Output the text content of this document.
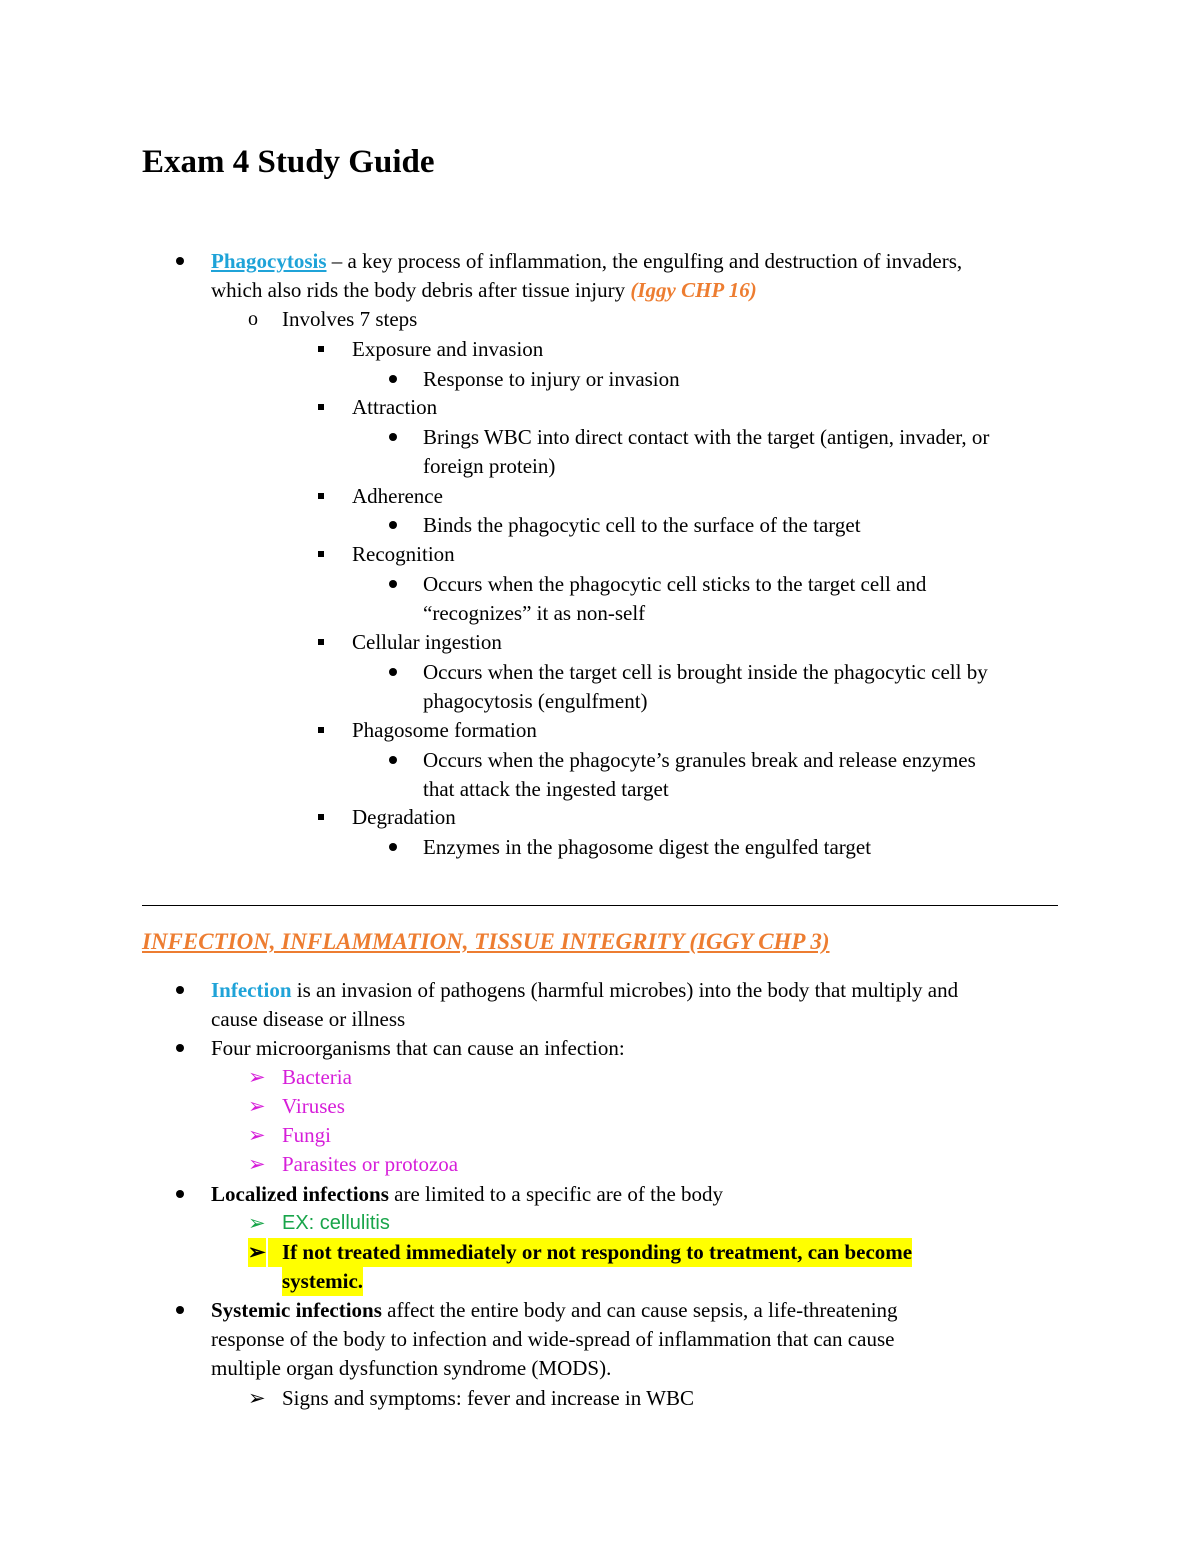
Exam 4 Study Guide
Phagocytosis – a key process of inflammation, the engulfing and destruction of invaders,
which also rids the body debris after tissue injury (Iggy CHP 16)
o Involves 7 steps
Exposure and invasion
Response to injury or invasion
Attraction
Brings WBC into direct contact with the target (antigen, invader, or
foreign protein)
Adherence
Binds the phagocytic cell to the surface of the target
Recognition
Occurs when the phagocytic cell sticks to the target cell and
“recognizes” it as non-self
Cellular ingestion
Occurs when the target cell is brought inside the phagocytic cell by
phagocytosis (engulfment)
Phagosome formation
Occurs when the phagocyte’s granules break and release enzymes
that attack the ingested target
Degradation
Enzymes in the phagosome digest the engulfed target
INFECTION, INFLAMMATION, TISSUE INTEGRITY (IGGY CHP 3)
Infection is an invasion of pathogens (harmful microbes) into the body that multiply and
cause disease or illness
Four microorganisms that can cause an infection:
➢ Bacteria
➢ Viruses
➢ Fungi
➢ Parasites or protozoa
Localized infections are limited to a specific are of the body
➢ EX: cellulitis
➢ If not treated immediately or not responding to treatment, can become
systemic.
Systemic infections affect the entire body and can cause sepsis, a life-threatening
response of the body to infection and wide-spread of inflammation that can cause
multiple organ dysfunction syndrome (MODS).
➢ Signs and symptoms: fever and increase in WBC
